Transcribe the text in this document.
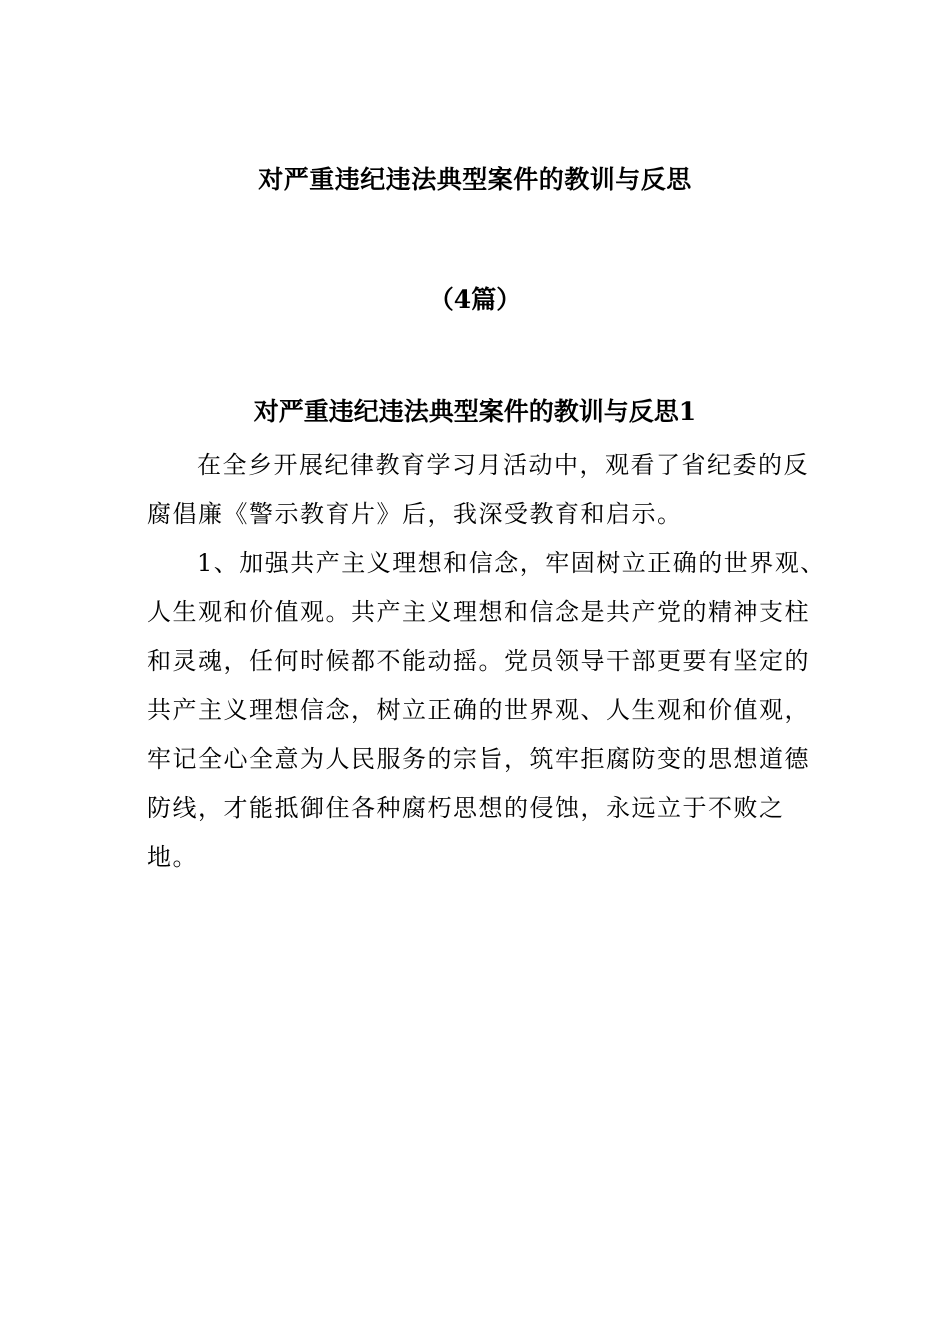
对严重违纪违法典型案件的教训与反思
（4篇）
对严重违纪违法典型案件的教训与反思1

在全乡开展纪律教育学习月活动中，观看了省纪委的反腐倡廉《警示教育片》后，我深受教育和启示。

1、加强共产主义理想和信念，牢固树立正确的世界观、人生观和价值观。共产主义理想和信念是共产党的精神支柱和灵魂，任何时候都不能动摇。党员领导干部更要有坚定的共产主义理想信念，树立正确的世界观、人生观和价值观，牢记全心全意为人民服务的宗旨，筑牢拒腐防变的思想道德防线，才能抵御住各种腐朽思想的侵蚀，永远立于不败之地。
